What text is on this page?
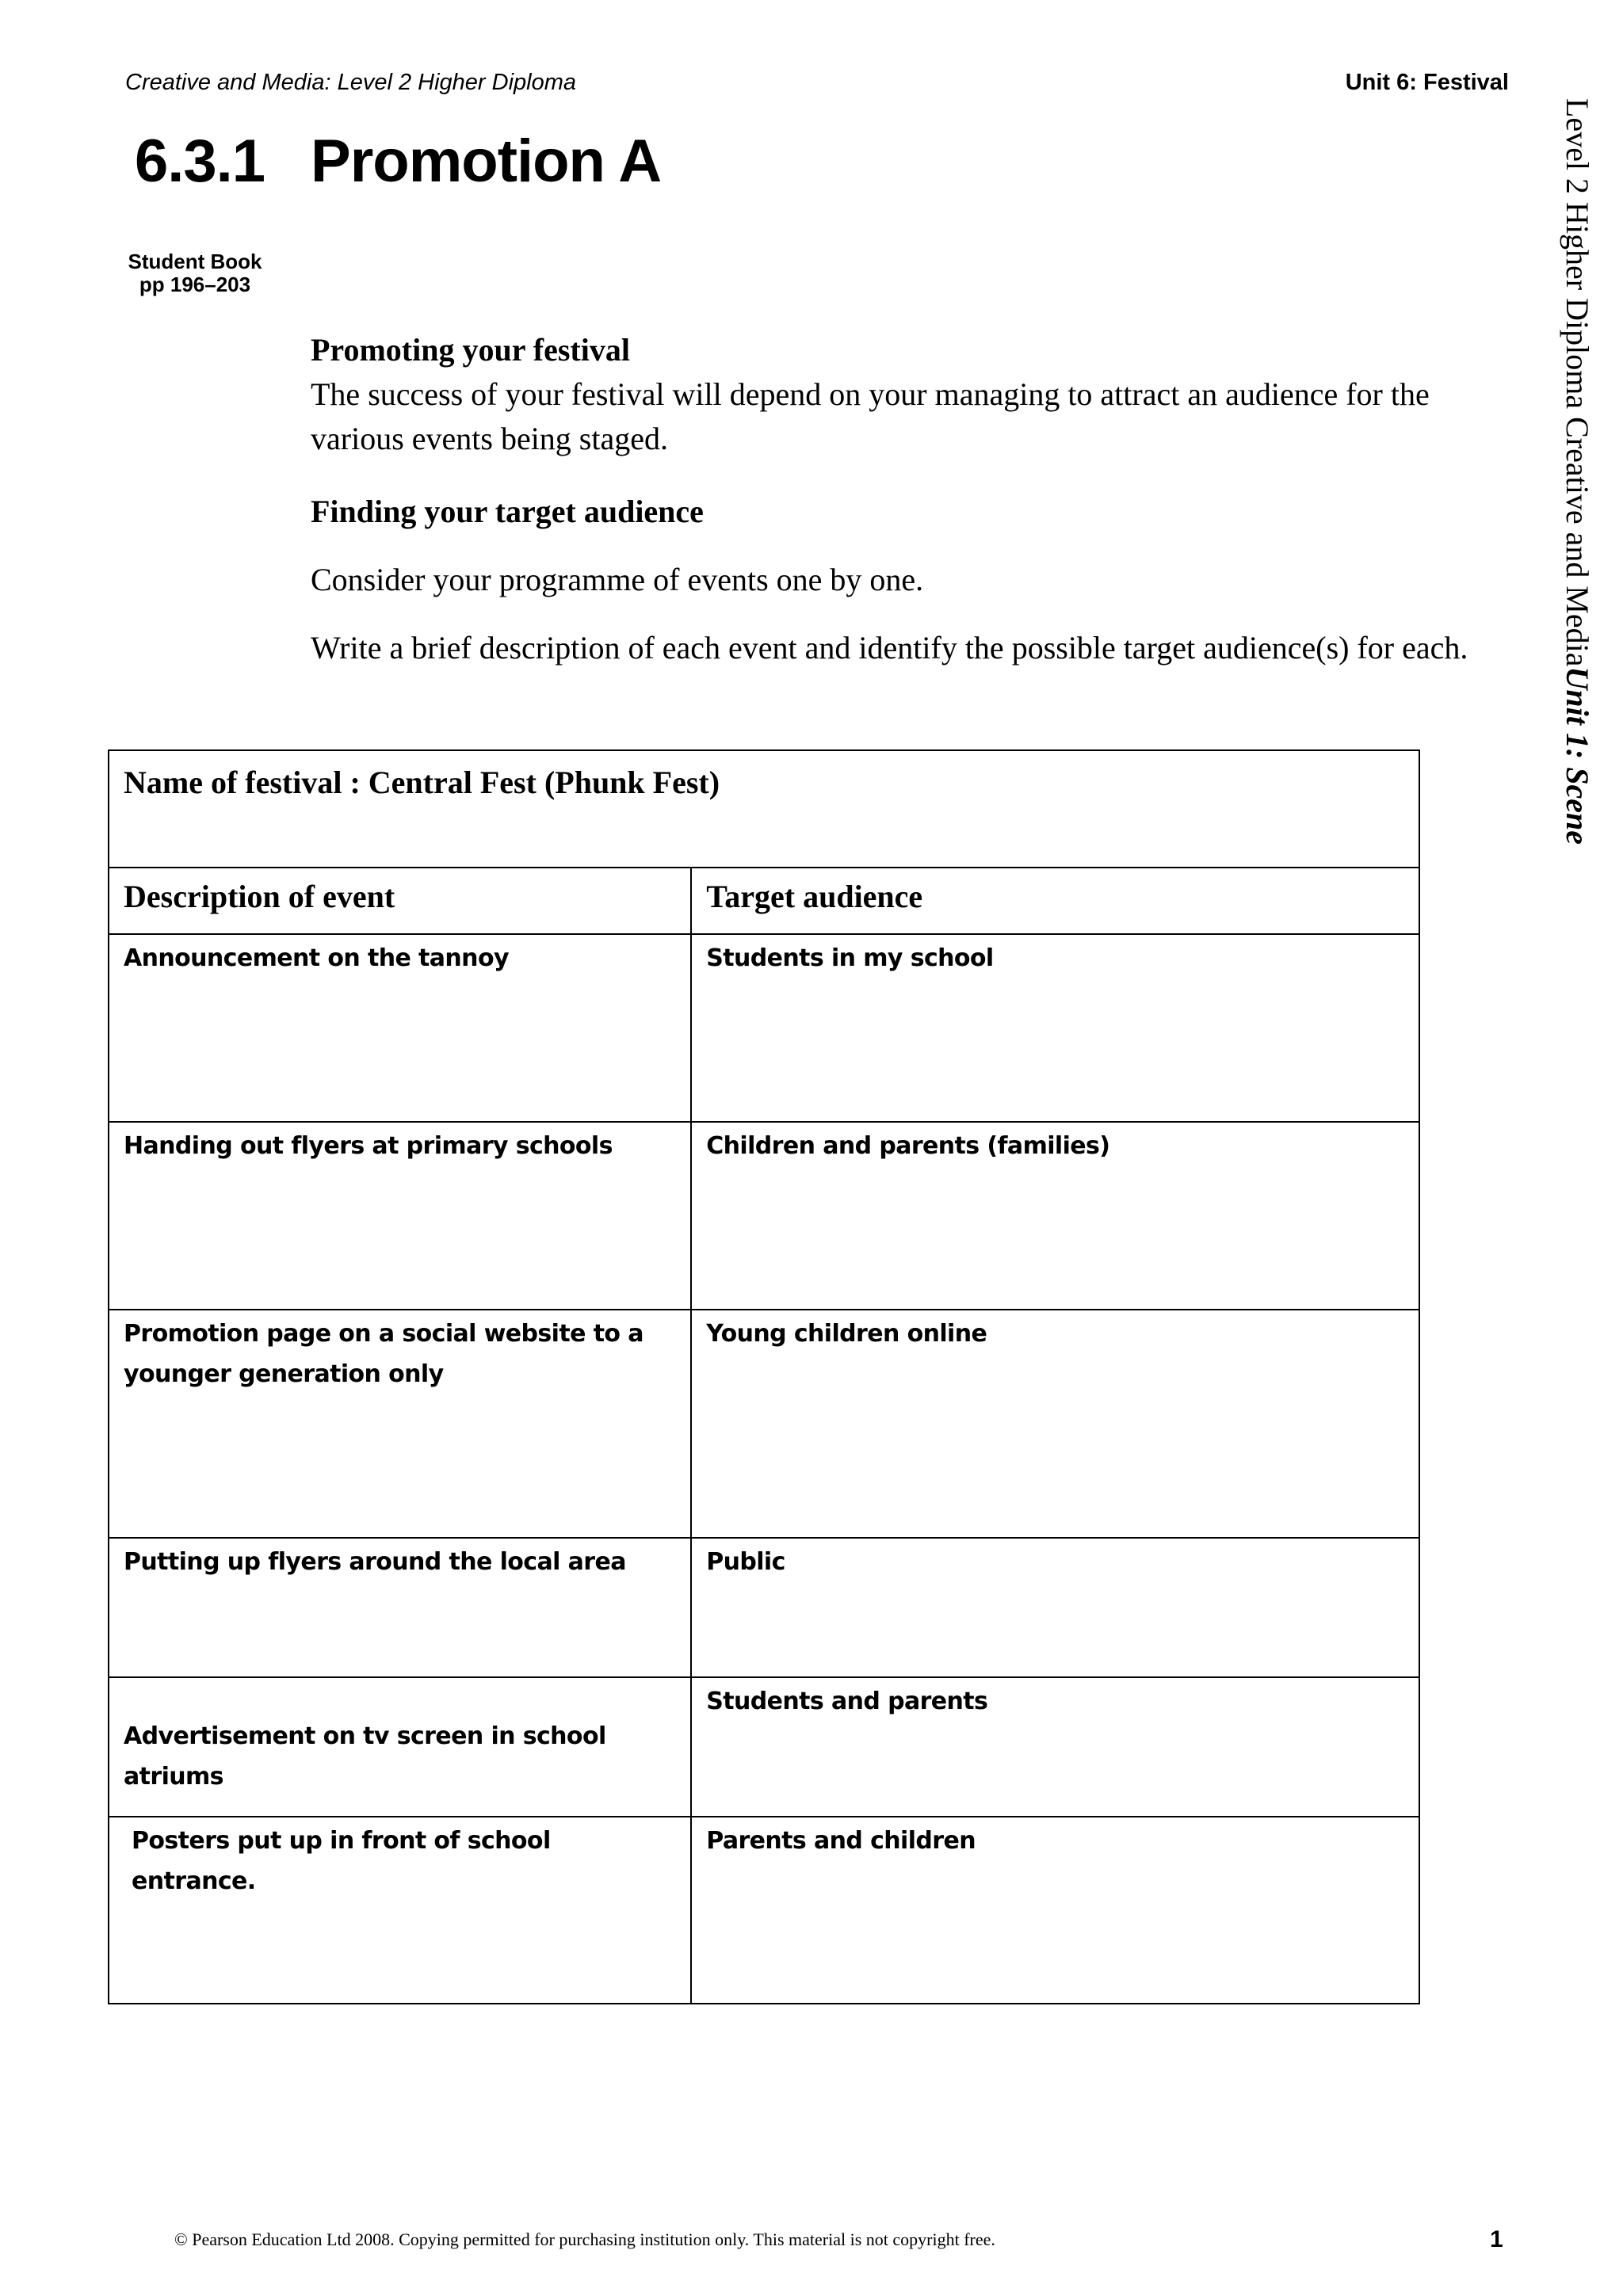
Creative and Media: Level 2 Higher Diploma	Unit 6: Festival
6.3.1 Promotion A
Student Book
pp 196–203
Promoting your festival
The success of your festival will depend on your managing to attract an audience for the various events being staged.
Finding your target audience
Consider your programme of events one by one.
Write a brief description of each event and identify the possible target audience(s) for each.	Level 2 Higher Diploma Creative and MediaUnit 1: Scene
Name of festival : Central Fest (Phunk Fest)	
Description of event	Target audience
Announcement on the tannoy	Students in my school
Handing out flyers at primary schools	Children and parents (families)
Promotion page on a social website to a younger generation only	Young children online
Putting up flyers around the local area	Public
Advertisement on tv screen in school atriums	Students and parents
Posters put up in front of school entrance.	Parents and children
© Pearson Education Ltd 2008. Copying permitted for purchasing institution only. This material is not copyright free.	1
